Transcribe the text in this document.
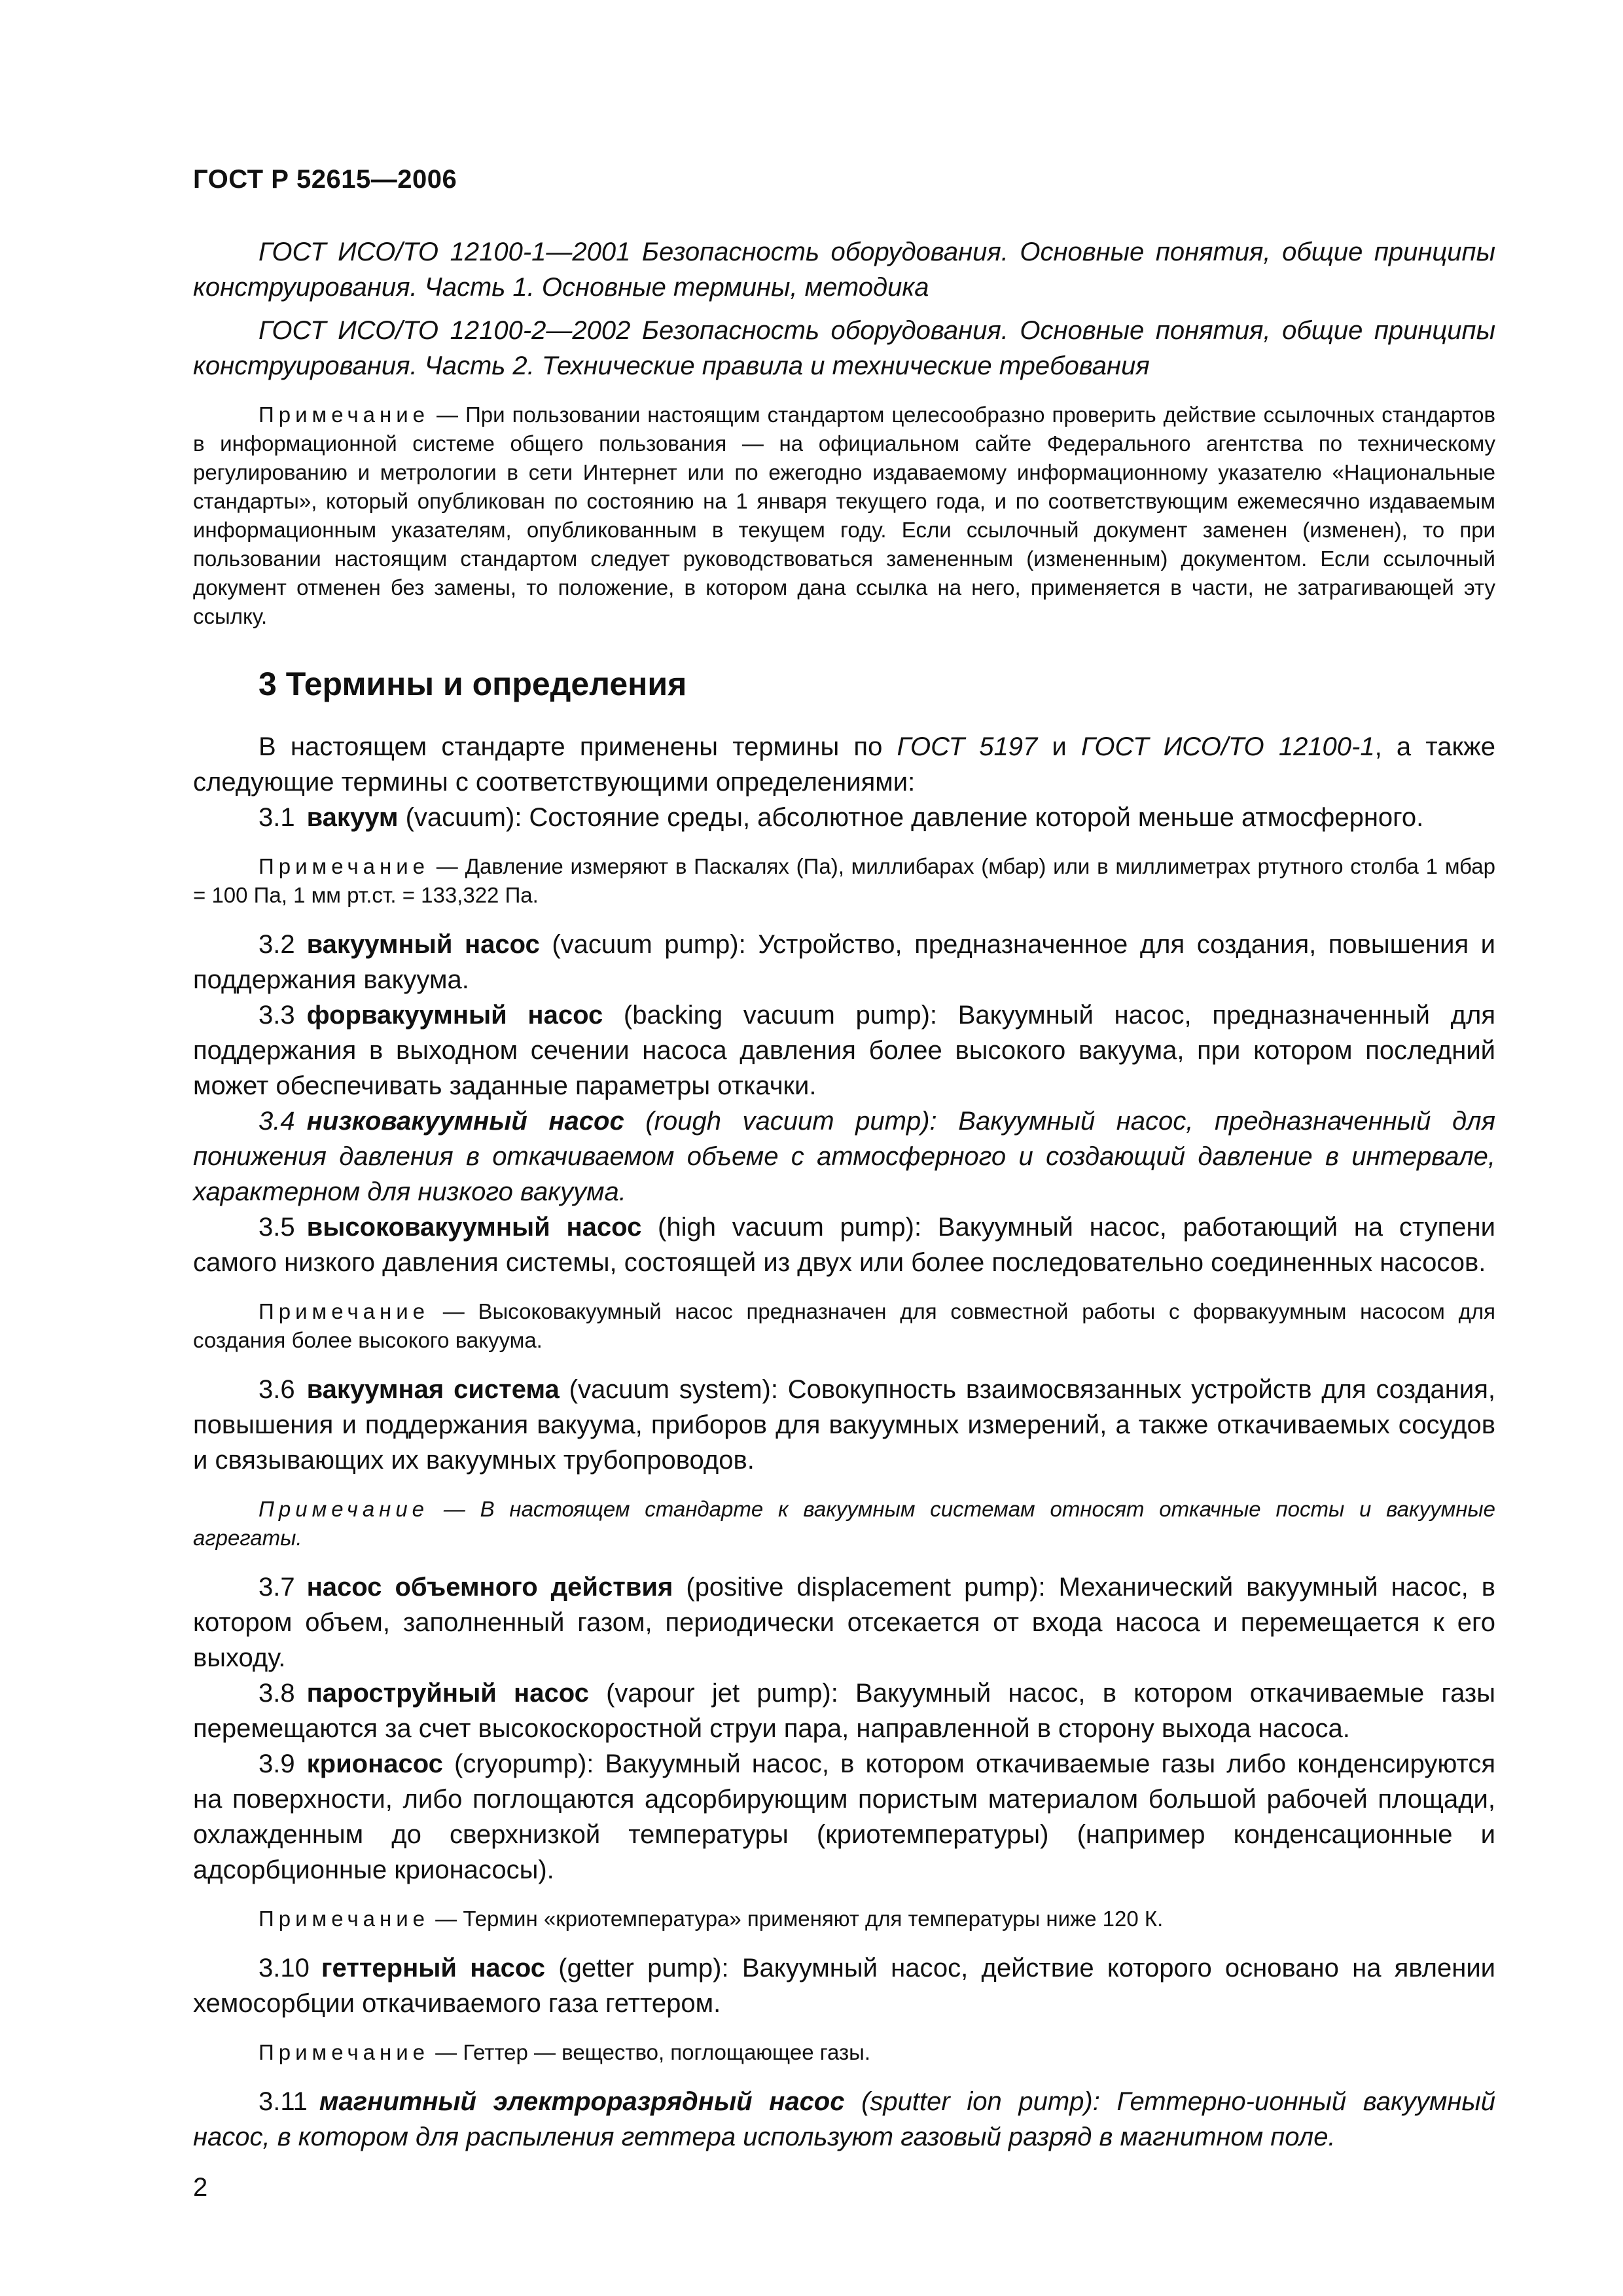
ГОСТ Р 52615—2006

ГОСТ ИСО/ТО 12100-1—2001 Безопасность оборудования. Основные понятия, общие принципы конструирования. Часть 1. Основные термины, методика

ГОСТ ИСО/ТО 12100-2—2002 Безопасность оборудования. Основные понятия, общие принципы конструирования. Часть 2. Технические правила и технические требования

Примечание — При пользовании настоящим стандартом целесообразно проверить действие ссылочных стандартов в информационной системе общего пользования — на официальном сайте Федерального агентства по техническому регулированию и метрологии в сети Интернет или по ежегодно издаваемому информационному указателю «Национальные стандарты», который опубликован по состоянию на 1 января текущего года, и по соответствующим ежемесячно издаваемым информационным указателям, опубликованным в текущем году. Если ссылочный документ заменен (изменен), то при пользовании настоящим стандартом следует руководствоваться замененным (измененным) документом. Если ссылочный документ отменен без замены, то положение, в котором дана ссылка на него, применяется в части, не затрагивающей эту ссылку.

3 Термины и определения

В настоящем стандарте применены термины по ГОСТ 5197 и ГОСТ ИСО/ТО 12100-1, а также следующие термины с соответствующими определениями:

3.1 вакуум (vacuum): Состояние среды, абсолютное давление которой меньше атмосферного.

Примечание — Давление измеряют в Паскалях (Па), миллибарах (мбар) или в миллиметрах ртутного столба 1 мбар = 100 Па, 1 мм рт.ст. = 133,322 Па.

3.2 вакуумный насос (vacuum pump): Устройство, предназначенное для создания, повышения и поддержания вакуума.

3.3 форвакуумный насос (backing vacuum pump): Вакуумный насос, предназначенный для поддержания в выходном сечении насоса давления более высокого вакуума, при котором последний может обеспечивать заданные параметры откачки.

3.4 низковакуумный насос (rough vacuum pump): Вакуумный насос, предназначенный для понижения давления в откачиваемом объеме с атмосферного и создающий давление в интервале, характерном для низкого вакуума.

3.5 высоковакуумный насос (high vacuum pump): Вакуумный насос, работающий на ступени самого низкого давления системы, состоящей из двух или более последовательно соединенных насосов.

Примечание — Высоковакуумный насос предназначен для совместной работы с форвакуумным насосом для создания более высокого вакуума.

3.6 вакуумная система (vacuum system): Совокупность взаимосвязанных устройств для создания, повышения и поддержания вакуума, приборов для вакуумных измерений, а также откачиваемых сосудов и связывающих их вакуумных трубопроводов.

Примечание — В настоящем стандарте к вакуумным системам относят откачные посты и вакуумные агрегаты.

3.7 насос объемного действия (positive displacement pump): Механический вакуумный насос, в котором объем, заполненный газом, периодически отсекается от входа насоса и перемещается к его выходу.

3.8 пароструйный насос (vapour jet pump): Вакуумный насос, в котором откачиваемые газы перемещаются за счет высокоскоростной струи пара, направленной в сторону выхода насоса.

3.9 крионасос (cryopump): Вакуумный насос, в котором откачиваемые газы либо конденсируются на поверхности, либо поглощаются адсорбирующим пористым материалом большой рабочей площади, охлажденным до сверхнизкой температуры (криотемпературы) (например конденсационные и адсорбционные крионасосы).

Примечание — Термин «криотемпература» применяют для температуры ниже 120 К.

3.10 геттерный насос (getter pump): Вакуумный насос, действие которого основано на явлении хемосорбции откачиваемого газа геттером.

Примечание — Геттер — вещество, поглощающее газы.

3.11 магнитный электроразрядный насос (sputter ion pump): Геттерно-ионный вакуумный насос, в котором для распыления геттера используют газовый разряд в магнитном поле.

2
